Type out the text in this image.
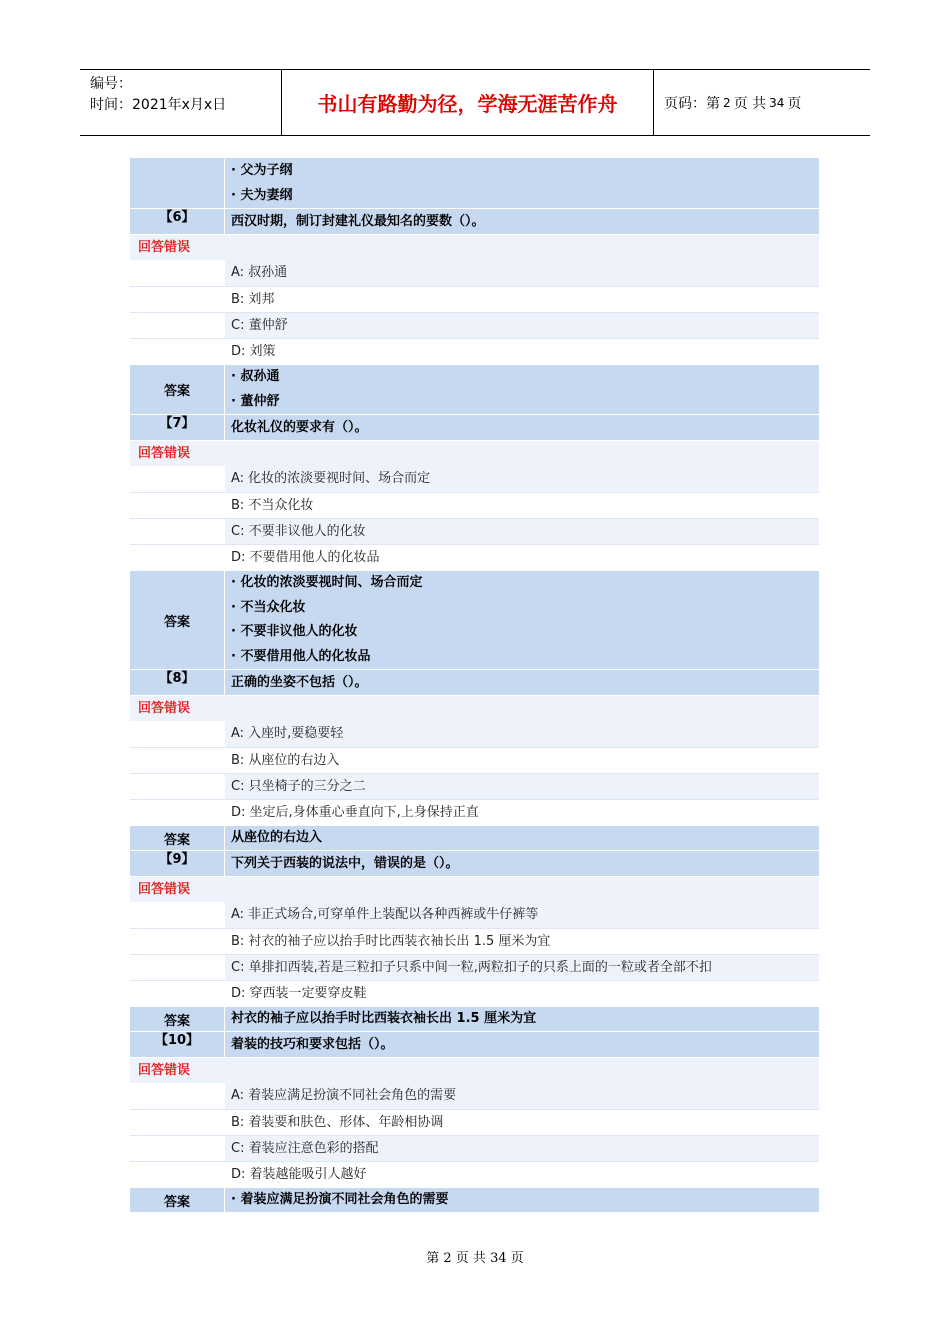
编号：
时间：2021年x月x日	书山有路勤为径，学海无涯苦作舟	页码：第 2 页 共 34 页
· 父为子纲
· 夫为妻纲
【6】	西汉时期，制订封建礼仪最知名的要数（）。
回答错误
A: 叔孙通
B: 刘邦
C: 董仲舒
D: 刘策
答案
· 叔孙通
· 董仲舒
【7】	化妆礼仪的要求有（）。
回答错误
A: 化妆的浓淡要视时间、场合而定
B: 不当众化妆
C: 不要非议他人的化妆
D: 不要借用他人的化妆品
答案
· 化妆的浓淡要视时间、场合而定
· 不当众化妆
· 不要非议他人的化妆
· 不要借用他人的化妆品
【8】	正确的坐姿不包括（）。
回答错误
A: 入座时,要稳要轻
B: 从座位的右边入
C: 只坐椅子的三分之二
D: 坐定后,身体重心垂直向下,上身保持正直
答案	从座位的右边入
【9】	下列关于西装的说法中，错误的是（）。
回答错误
A: 非正式场合,可穿单件上装配以各种西裤或牛仔裤等
B: 衬衣的袖子应以抬手时比西装衣袖长出 1.5 厘米为宜
C: 单排扣西装,若是三粒扣子只系中间一粒,两粒扣子的只系上面的一粒或者全部不扣
D: 穿西装一定要穿皮鞋
答案	衬衣的袖子应以抬手时比西装衣袖长出 1.5 厘米为宜
【10】	着装的技巧和要求包括（）。
回答错误
A: 着装应满足扮演不同社会角色的需要
B: 着装要和肤色、形体、年龄相协调
C: 着装应注意色彩的搭配
D: 着装越能吸引人越好
答案	· 着装应满足扮演不同社会角色的需要
第 2 页 共 34 页
